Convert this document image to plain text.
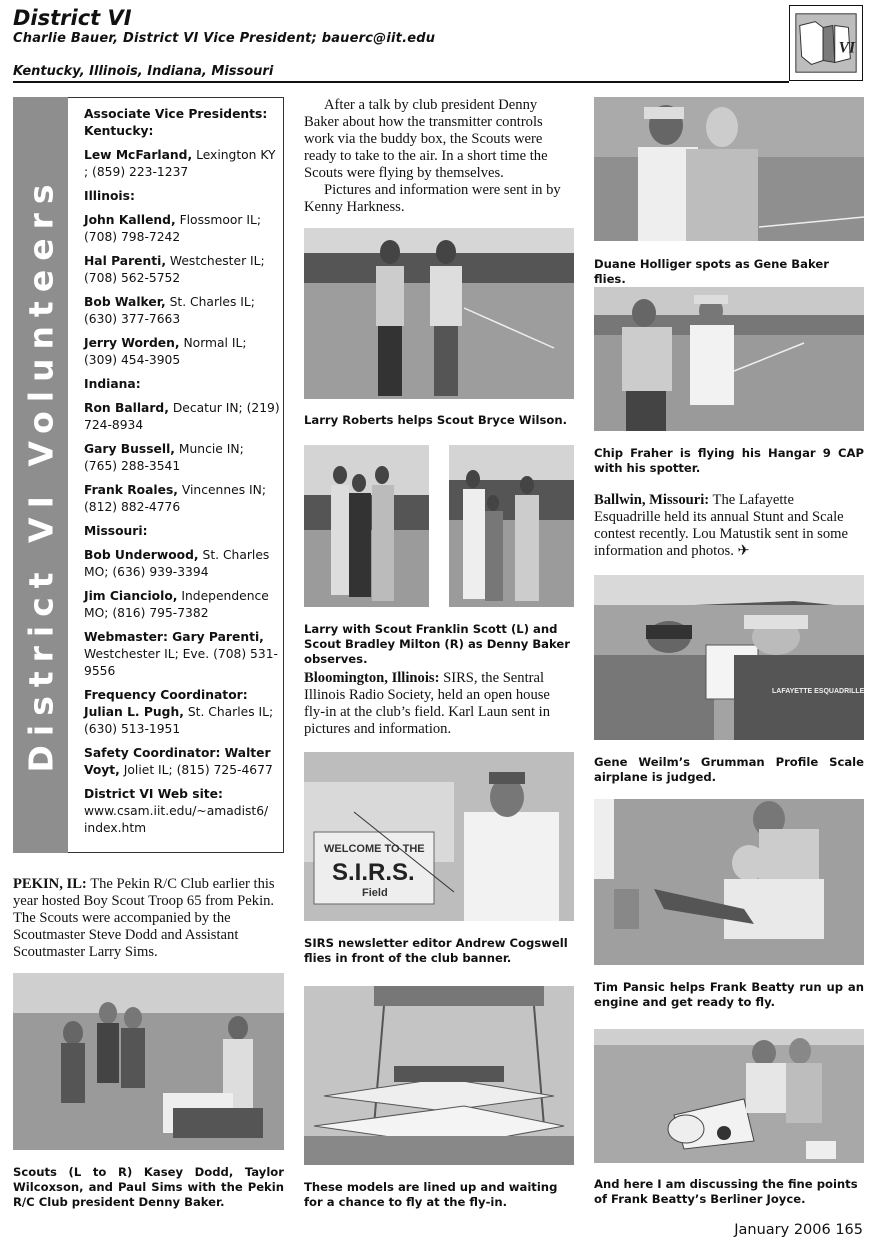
District VI
Charlie Bauer, District VI Vice President; bauerc@iit.edu
Kentucky, Illinois, Indiana, Missouri
VI
District VI Volunteers
Associate Vice Presidents: Kentucky:
Lew McFarland, Lexington KY ; (859) 223-1237
Illinois:
John Kallend, Flossmoor IL; (708) 798-7242
Hal Parenti, Westchester IL; (708) 562-5752
Bob Walker, St. Charles IL; (630) 377-7663
Jerry Worden, Normal IL; (309) 454-3905
Indiana:
Ron Ballard, Decatur IN; (219) 724-8934
Gary Bussell, Muncie IN; (765) 288-3541
Frank Roales, Vincennes IN; (812) 882-4776
Missouri:
Bob Underwood, St. Charles MO; (636) 939-3394
Jim Cianciolo, Independence MO; (816) 795-7382
Webmaster: Gary Parenti, Westchester IL; Eve. (708) 531-9556
Frequency Coordinator: Julian L. Pugh, St. Charles IL; (630) 513-1951
Safety Coordinator: Walter Voyt, Joliet IL; (815) 725-4677
District VI Web site:
www.csam.iit.edu/~amadist6/ index.htm
PEKIN, IL: The Pekin R/C Club earlier this year hosted Boy Scout Troop 65 from Pekin. The Scouts were accompanied by the Scoutmaster Steve Dodd and Assistant Scoutmaster Larry Sims.
Scouts (L to R) Kasey Dodd, Taylor Wilcoxson, and Paul Sims with the Pekin R/C Club president Denny Baker.
After a talk by club president Denny Baker about how the transmitter controls work via the buddy box, the Scouts were ready to take to the air. In a short time the Scouts were flying by themselves.
Pictures and information were sent in by Kenny Harkness.
Larry Roberts helps Scout Bryce Wilson.
Larry with Scout Franklin Scott (L) and Scout Bradley Milton (R) as Denny Baker observes.
Bloomington, Illinois: SIRS, the Sentral Illinois Radio Society, held an open house fly-in at the club’s field. Karl Laun sent in pictures and information.
WELCOME TO THE
S.I.R.S.
Field
SIRS newsletter editor Andrew Cogswell flies in front of the club banner.
These models are lined up and waiting for a chance to fly at the fly-in.
Duane Holliger spots as Gene Baker flies.
Chip Fraher is flying his Hangar 9 CAP with his spotter.
Ballwin, Missouri: The Lafayette Esquadrille held its annual Stunt and Scale contest recently. Lou Matustik sent in some information and photos. ✈
LAFAYETTE ESQUADRILLE
Gene Weilm’s Grumman Profile Scale airplane is judged.
Tim Pansic helps Frank Beatty run up an engine and get ready to fly.
And here I am discussing the fine points of Frank Beatty’s Berliner Joyce.
January 2006 165
